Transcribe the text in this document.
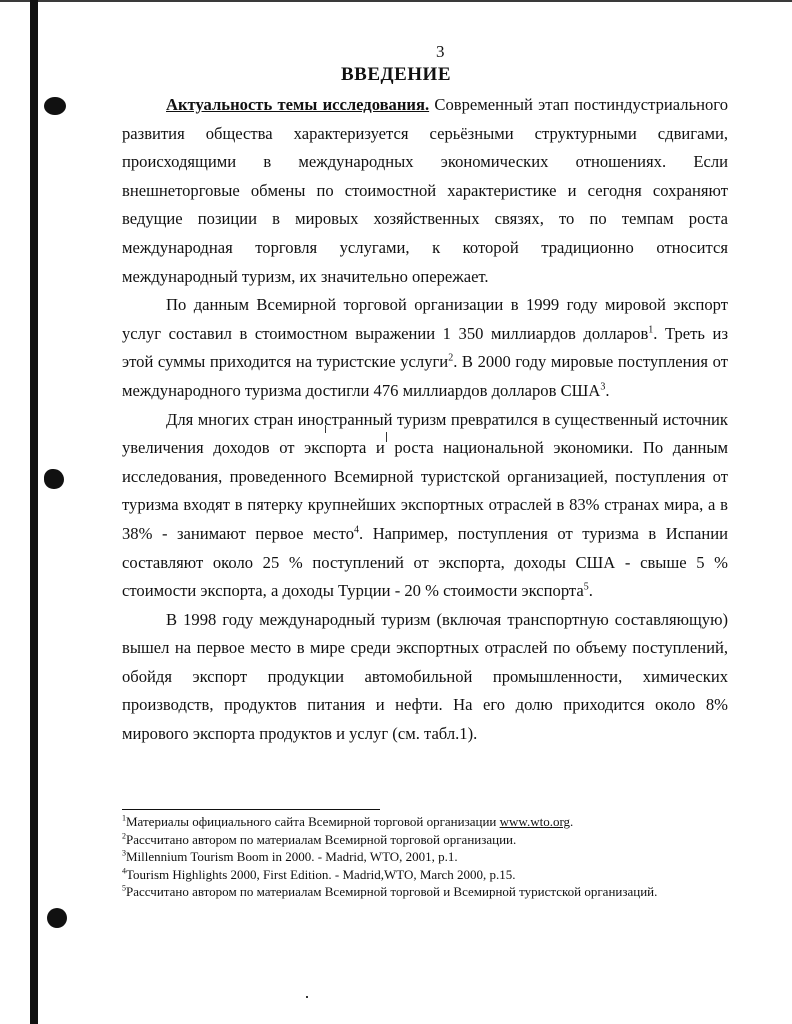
3
ВВЕДЕНИЕ

Актуальность темы исследования. Современный этап постиндустриального развития общества характеризуется серьёзными структурными сдвигами, происходящими в международных экономических отношениях. Если внешнеторговые обмены по стоимостной характеристике и сегодня сохраняют ведущие позиции в мировых хозяйственных связях, то по темпам роста международная торговля услугами, к которой традиционно относится международный туризм, их значительно опережает.

По данным Всемирной торговой организации в 1999 году мировой экспорт услуг составил в стоимостном выражении 1 350 миллиардов долларов$^1$. Треть из этой суммы приходится на туристские услуги$^2$. В 2000 году мировые поступления от международного туризма достигли 476 миллиардов долларов США$^3$.

Для многих стран иностранный туризм превратился в существенный источник увеличения доходов от экспорта и роста национальной экономики. По данным исследования, проведенного Всемирной туристской организацией, поступления от туризма входят в пятерку крупнейших экспортных отраслей в 83% странах мира, а в 38% - занимают первое место$^4$. Например, поступления от туризма в Испании составляют около 25 % поступлений от экспорта, доходы США - свыше 5 % стоимости экспорта, а доходы Турции - 20 % стоимости экспорта$^5$.

В 1998 году международный туризм (включая транспортную составляющую) вышел на первое место в мире среди экспортных отраслей по объему поступлений, обойдя экспорт продукции автомобильной промышленности, химических производств, продуктов питания и нефти. На его долю приходится около 8% мирового экспорта продуктов и услуг (см. табл.1).

$^1$Материалы официального сайта Всемирной торговой организации www.wto.org.

$^2$Рассчитано автором по материалам Всемирной торговой организации.

$^3$Millennium Tourism Boom in 2000. - Madrid, WTO, 2001, p.1.

$^4$Tourism Highlights 2000, First Edition. - Madrid,WTO, March 2000, p.15.

$^5$Рассчитано автором по материалам Всемирной торговой и Всемирной туристской организаций.
